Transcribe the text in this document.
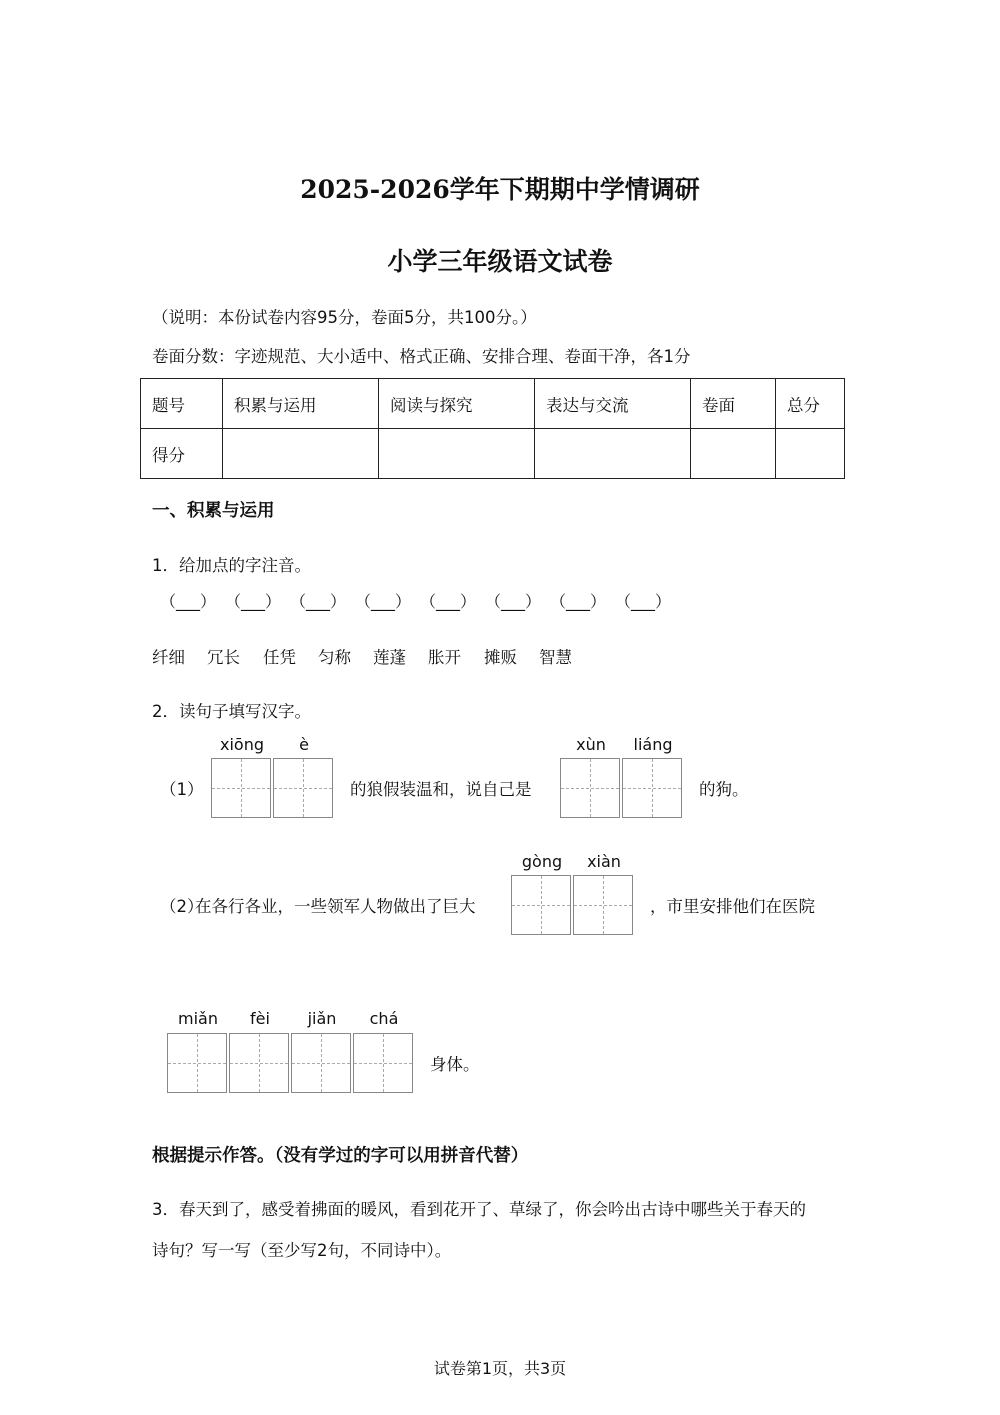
2025-2026学年下期期中学情调研
小学三年级语文试卷
（说明：本份试卷内容95分，卷面5分，共100分。）
卷面分数：字迹规范、大小适中、格式正确、安排合理、卷面干净，各1分
题号	积累与运用	阅读与探究	表达与交流	卷面	总分
得分					
一、积累与运用
1．给加点的字注音。
（___） （___） （___） （___） （___） （___） （___） （___）
纤细 冗长 任凭 匀称 莲蓬 胀开 摊贩 智慧
2．读句子填写汉字。
xiōng	è
（1）	的狼假装温和，说自己是
xùn	liáng
的狗。
（2）
在各行各业，一些领军人物做出了巨大
gòng	xiàn
，市里安排他们在医院
miǎn	fèi	jiǎn	chá
身体。
根据提示作答。（没有学过的字可以用拼音代替）
3．春天到了，感受着拂面的暖风，看到花开了、草绿了，你会吟出古诗中哪些关于春天的
诗句？写一写（至少写2句，不同诗中）。
试卷第1页，共3页
